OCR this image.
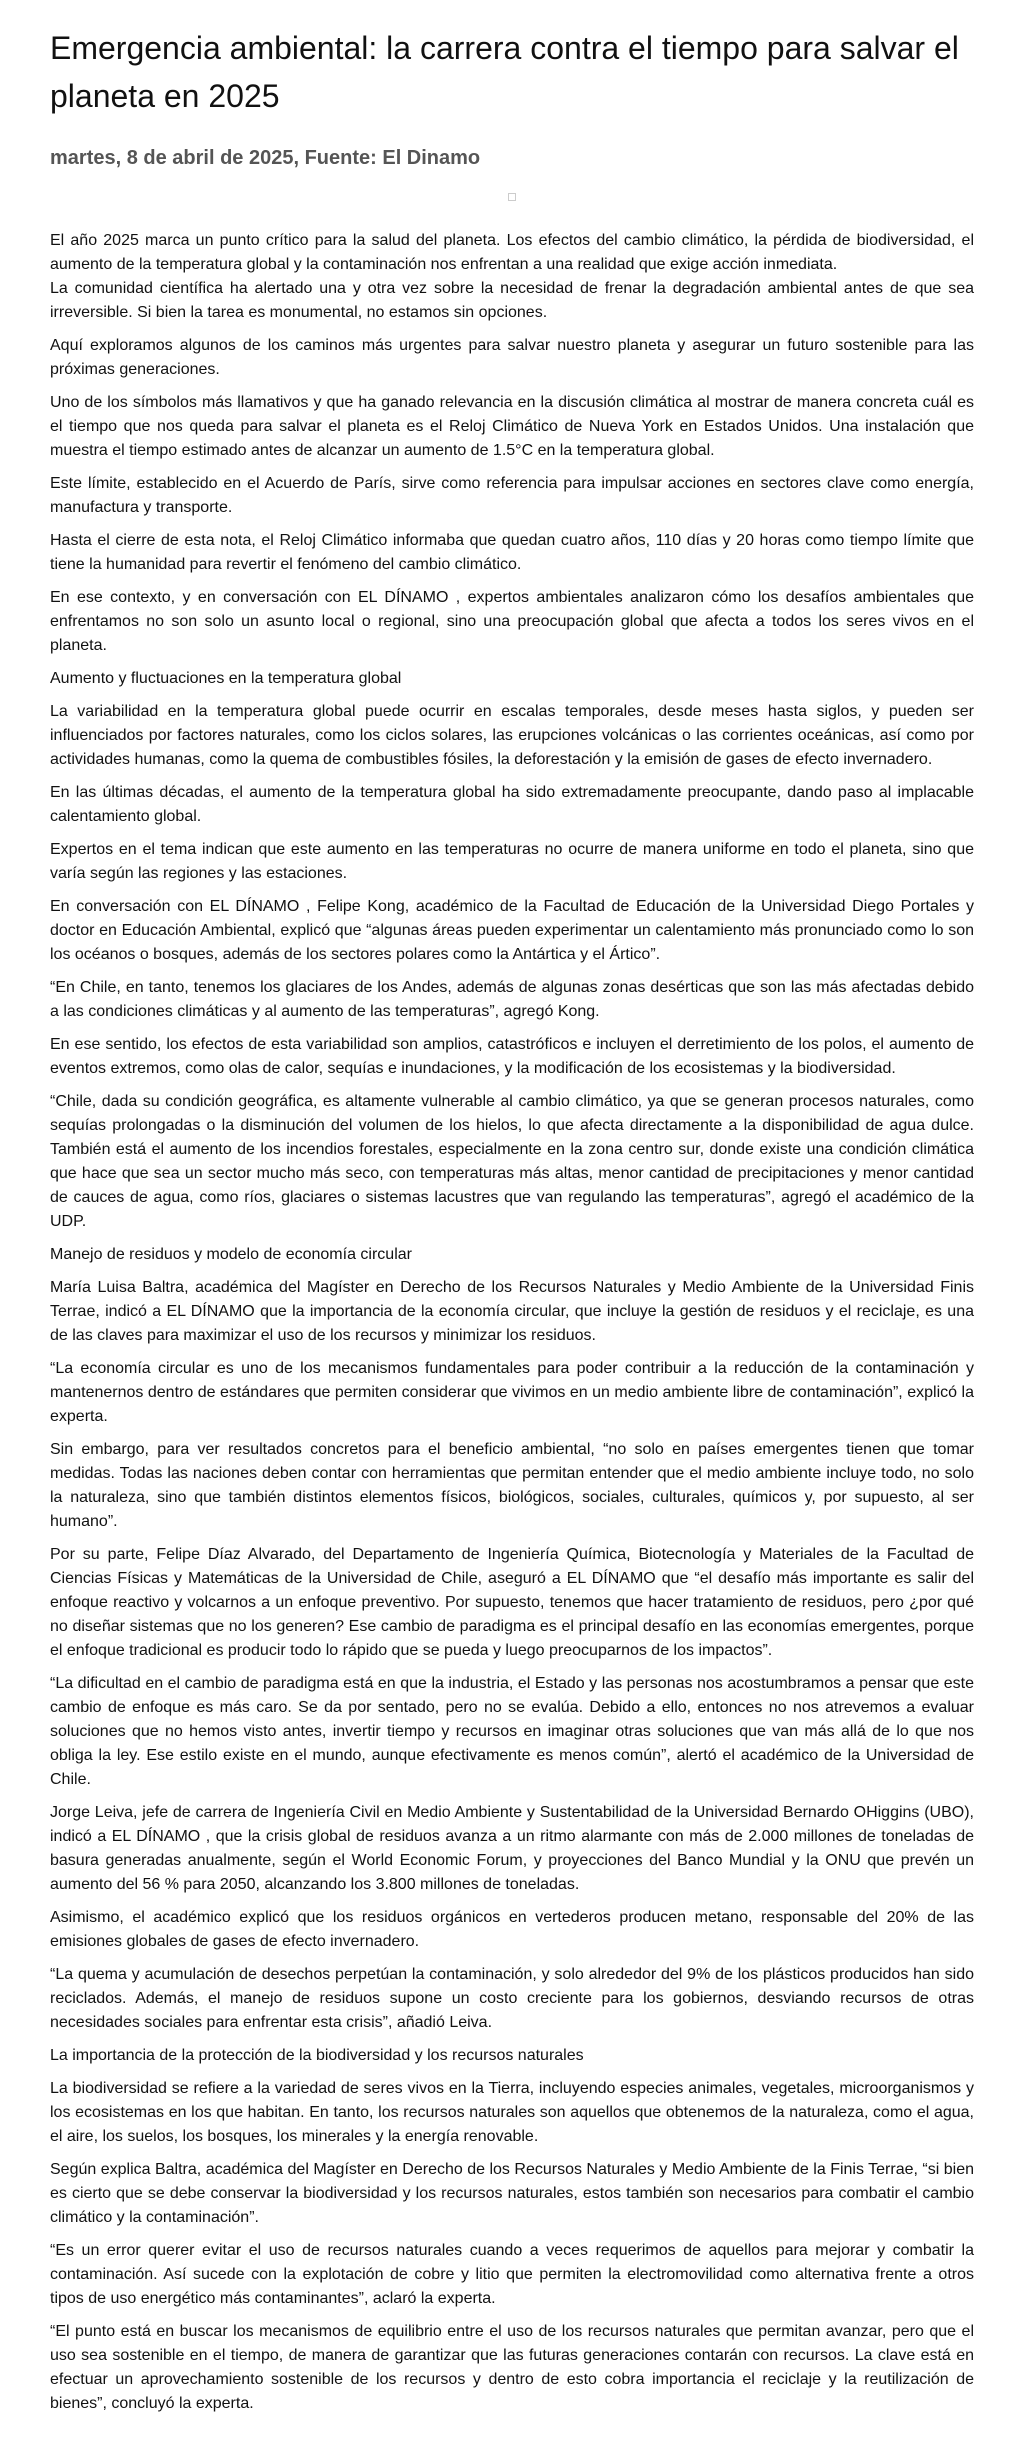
Emergencia ambiental: la carrera contra el tiempo para salvar el planeta en 2025
martes, 8 de abril de 2025, Fuente: El Dinamo

El año 2025 marca un punto crítico para la salud del planeta. Los efectos del cambio climático, la pérdida de biodiversidad, el aumento de la temperatura global y la contaminación nos enfrentan a una realidad que exige acción inmediata.

La comunidad científica ha alertado una y otra vez sobre la necesidad de frenar la degradación ambiental antes de que sea irreversible. Si bien la tarea es monumental, no estamos sin opciones.

Aquí exploramos algunos de los caminos más urgentes para salvar nuestro planeta y asegurar un futuro sostenible para las próximas generaciones.

Uno de los símbolos más llamativos y que ha ganado relevancia en la discusión climática al mostrar de manera concreta cuál es el tiempo que nos queda para salvar el planeta es el Reloj Climático de Nueva York en Estados Unidos. Una instalación que muestra el tiempo estimado antes de alcanzar un aumento de 1.5°C en la temperatura global.

Este límite, establecido en el Acuerdo de París, sirve como referencia para impulsar acciones en sectores clave como energía, manufactura y transporte.

Hasta el cierre de esta nota, el Reloj Climático informaba que quedan cuatro años, 110 días y 20 horas como tiempo límite que tiene la humanidad para revertir el fenómeno del cambio climático.

En ese contexto, y en conversación con EL DÍNAMO , expertos ambientales analizaron cómo los desafíos ambientales que enfrentamos no son solo un asunto local o regional, sino una preocupación global que afecta a todos los seres vivos en el planeta.

Aumento y fluctuaciones en la temperatura global

La variabilidad en la temperatura global puede ocurrir en escalas temporales, desde meses hasta siglos, y pueden ser influenciados por factores naturales, como los ciclos solares, las erupciones volcánicas o las corrientes oceánicas, así como por actividades humanas, como la quema de combustibles fósiles, la deforestación y la emisión de gases de efecto invernadero.

En las últimas décadas, el aumento de la temperatura global ha sido extremadamente preocupante, dando paso al implacable calentamiento global.

Expertos en el tema indican que este aumento en las temperaturas no ocurre de manera uniforme en todo el planeta, sino que varía según las regiones y las estaciones.

En conversación con EL DÍNAMO , Felipe Kong, académico de la Facultad de Educación de la Universidad Diego Portales y doctor en Educación Ambiental, explicó que “algunas áreas pueden experimentar un calentamiento más pronunciado como lo son los océanos o bosques, además de los sectores polares como la Antártica y el Ártico”.

“En Chile, en tanto, tenemos los glaciares de los Andes, además de algunas zonas desérticas que son las más afectadas debido a las condiciones climáticas y al aumento de las temperaturas”, agregó Kong.

En ese sentido, los efectos de esta variabilidad son amplios, catastróficos e incluyen el derretimiento de los polos, el aumento de eventos extremos, como olas de calor, sequías e inundaciones, y la modificación de los ecosistemas y la biodiversidad.

“Chile, dada su condición geográfica, es altamente vulnerable al cambio climático, ya que se generan procesos naturales, como sequías prolongadas o la disminución del volumen de los hielos, lo que afecta directamente a la disponibilidad de agua dulce. También está el aumento de los incendios forestales, especialmente en la zona centro sur, donde existe una condición climática que hace que sea un sector mucho más seco, con temperaturas más altas, menor cantidad de precipitaciones y menor cantidad de cauces de agua, como ríos, glaciares o sistemas lacustres que van regulando las temperaturas”, agregó el académico de la UDP.

Manejo de residuos y modelo de economía circular

María Luisa Baltra, académica del Magíster en Derecho de los Recursos Naturales y Medio Ambiente de la Universidad Finis Terrae, indicó a EL DÍNAMO que la importancia de la economía circular, que incluye la gestión de residuos y el reciclaje, es una de las claves para maximizar el uso de los recursos y minimizar los residuos.

“La economía circular es uno de los mecanismos fundamentales para poder contribuir a la reducción de la contaminación y mantenernos dentro de estándares que permiten considerar que vivimos en un medio ambiente libre de contaminación”, explicó la experta.

Sin embargo, para ver resultados concretos para el beneficio ambiental, “no solo en países emergentes tienen que tomar medidas. Todas las naciones deben contar con herramientas que permitan entender que el medio ambiente incluye todo, no solo la naturaleza, sino que también distintos elementos físicos, biológicos, sociales, culturales, químicos y, por supuesto, al ser humano”.

Por su parte, Felipe Díaz Alvarado, del Departamento de Ingeniería Química, Biotecnología y Materiales de la Facultad de Ciencias Físicas y Matemáticas de la Universidad de Chile, aseguró a EL DÍNAMO que “el desafío más importante es salir del enfoque reactivo y volcarnos a un enfoque preventivo. Por supuesto, tenemos que hacer tratamiento de residuos, pero ¿por qué no diseñar sistemas que no los generen? Ese cambio de paradigma es el principal desafío en las economías emergentes, porque el enfoque tradicional es producir todo lo rápido que se pueda y luego preocuparnos de los impactos”.

“La dificultad en el cambio de paradigma está en que la industria, el Estado y las personas nos acostumbramos a pensar que este cambio de enfoque es más caro. Se da por sentado, pero no se evalúa. Debido a ello, entonces no nos atrevemos a evaluar soluciones que no hemos visto antes, invertir tiempo y recursos en imaginar otras soluciones que van más allá de lo que nos obliga la ley. Ese estilo existe en el mundo, aunque efectivamente es menos común”, alertó el académico de la Universidad de Chile.

Jorge Leiva, jefe de carrera de Ingeniería Civil en Medio Ambiente y Sustentabilidad de la Universidad Bernardo OHiggins (UBO), indicó a EL DÍNAMO , que la crisis global de residuos avanza a un ritmo alarmante con más de 2.000 millones de toneladas de basura generadas anualmente, según el World Economic Forum, y proyecciones del Banco Mundial y la ONU que prevén un aumento del 56 % para 2050, alcanzando los 3.800 millones de toneladas.

Asimismo, el académico explicó que los residuos orgánicos en vertederos producen metano, responsable del 20% de las emisiones globales de gases de efecto invernadero.

“La quema y acumulación de desechos perpetúan la contaminación, y solo alrededor del 9% de los plásticos producidos han sido reciclados. Además, el manejo de residuos supone un costo creciente para los gobiernos, desviando recursos de otras necesidades sociales para enfrentar esta crisis”, añadió Leiva.

La importancia de la protección de la biodiversidad y los recursos naturales

La biodiversidad se refiere a la variedad de seres vivos en la Tierra, incluyendo especies animales, vegetales, microorganismos y los ecosistemas en los que habitan. En tanto, los recursos naturales son aquellos que obtenemos de la naturaleza, como el agua, el aire, los suelos, los bosques, los minerales y la energía renovable.

Según explica Baltra, académica del Magíster en Derecho de los Recursos Naturales y Medio Ambiente de la Finis Terrae, “si bien es cierto que se debe conservar la biodiversidad y los recursos naturales, estos también son necesarios para combatir el cambio climático y la contaminación”.

“Es un error querer evitar el uso de recursos naturales cuando a veces requerimos de aquellos para mejorar y combatir la contaminación. Así sucede con la explotación de cobre y litio que permiten la electromovilidad como alternativa frente a otros tipos de uso energético más contaminantes”, aclaró la experta.

“El punto está en buscar los mecanismos de equilibrio entre el uso de los recursos naturales que permitan avanzar, pero que el uso sea sostenible en el tiempo, de manera de garantizar que las futuras generaciones contarán con recursos. La clave está en efectuar un aprovechamiento sostenible de los recursos y dentro de esto cobra importancia el reciclaje y la reutilización de bienes”, concluyó la experta.
